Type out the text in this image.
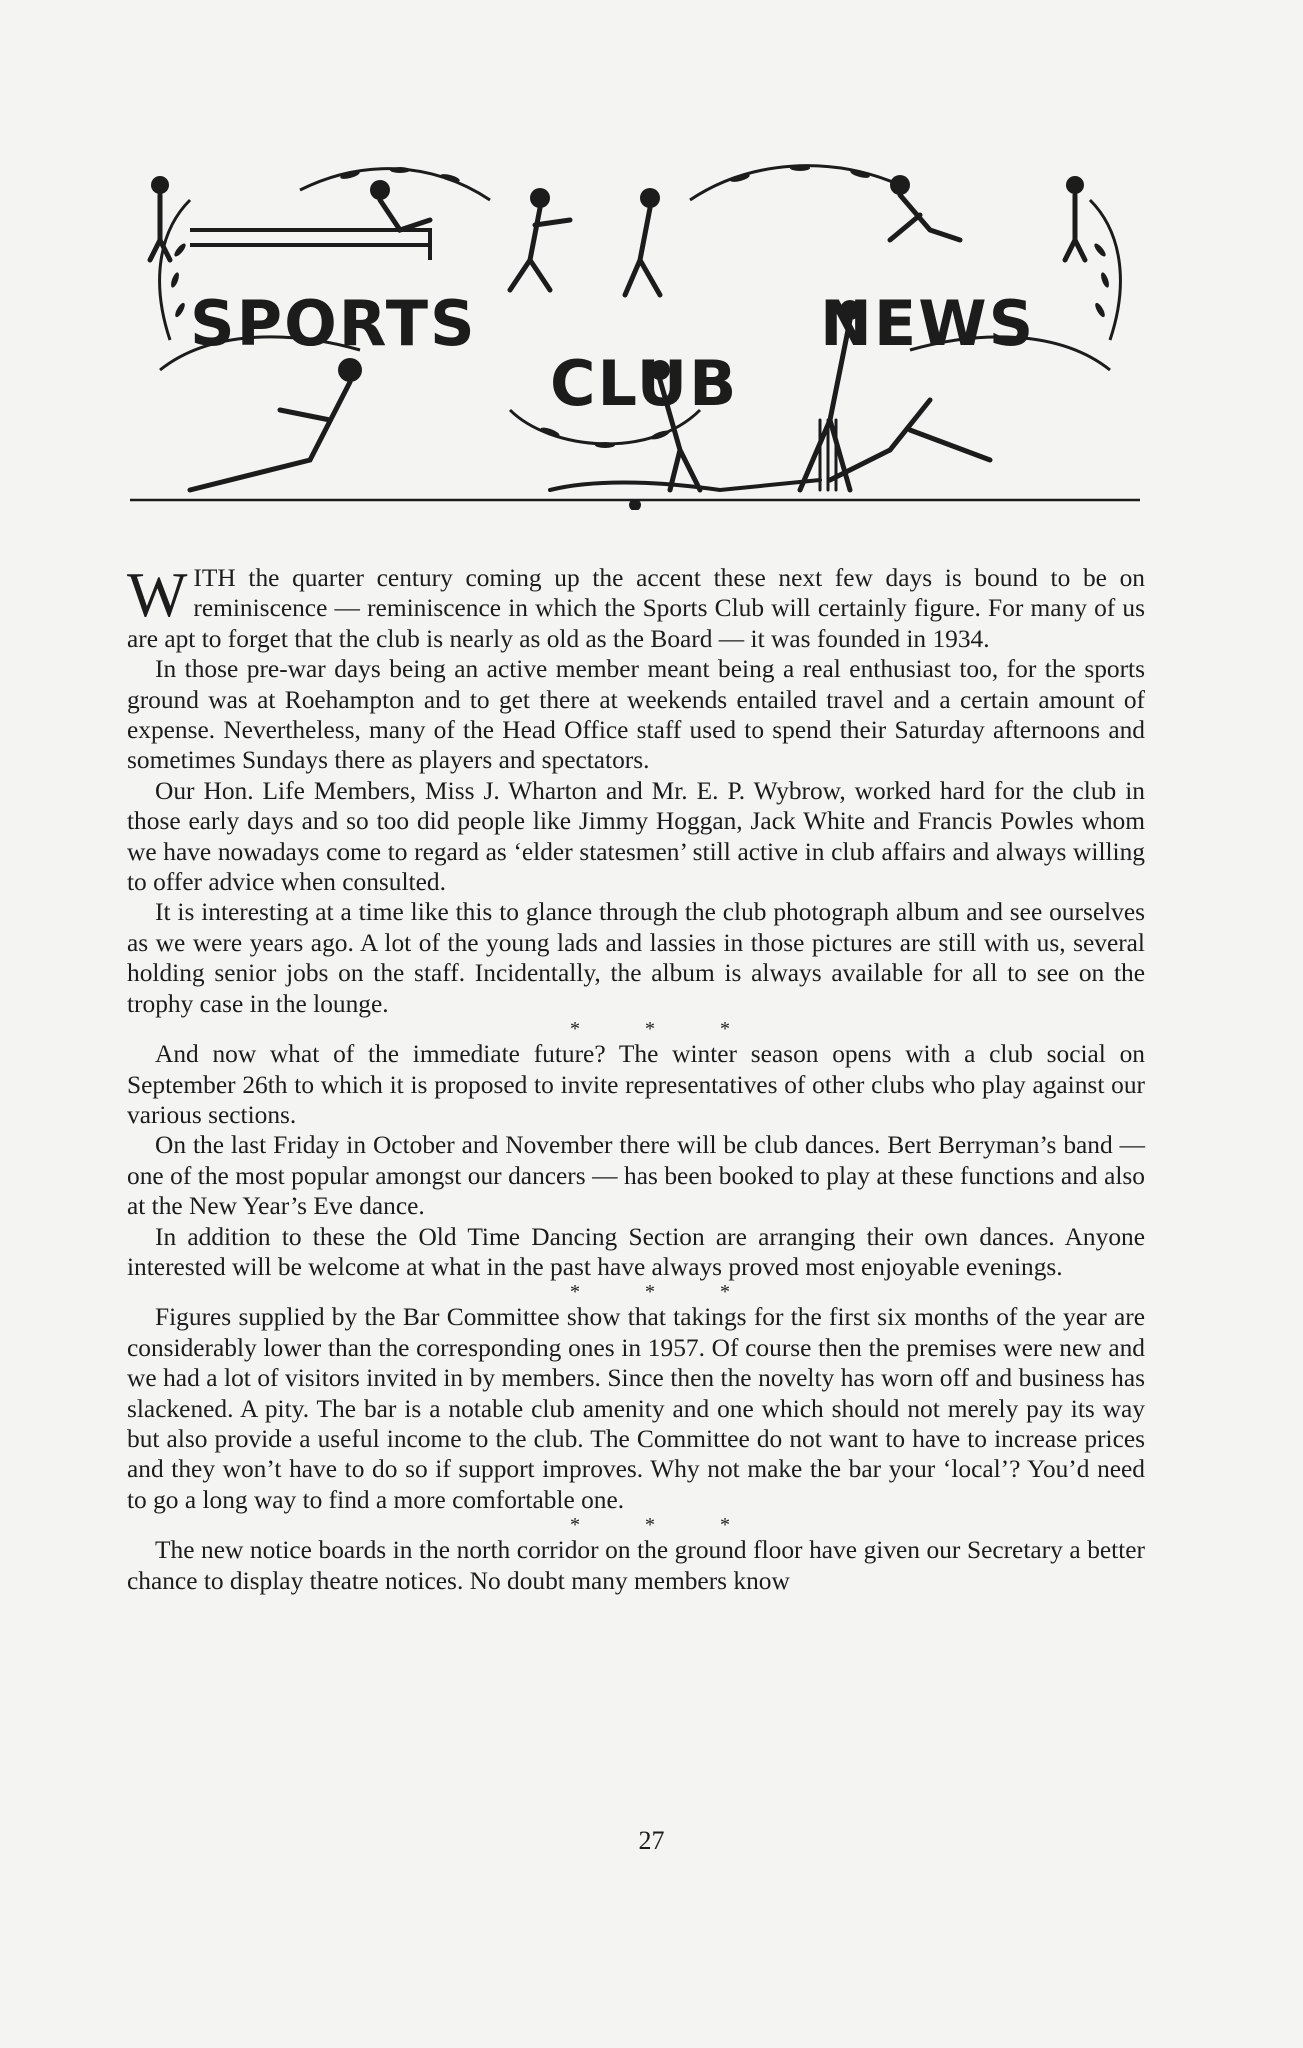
SPORTS
CLUB
NEWS

WITH the quarter century coming up the accent these next few days is bound to be on reminiscence — reminiscence in which the Sports Club will certainly figure. For many of us are apt to forget that the club is nearly as old as the Board — it was founded in 1934.

In those pre-war days being an active member meant being a real enthusiast too, for the sports ground was at Roehampton and to get there at weekends entailed travel and a certain amount of expense. Nevertheless, many of the Head Office staff used to spend their Saturday afternoons and sometimes Sundays there as players and spectators.

Our Hon. Life Members, Miss J. Wharton and Mr. E. P. Wybrow, worked hard for the club in those early days and so too did people like Jimmy Hoggan, Jack White and Francis Powles whom we have nowadays come to regard as ‘elder statesmen’ still active in club affairs and always willing to offer advice when consulted.

It is interesting at a time like this to glance through the club photograph album and see ourselves as we were years ago. A lot of the young lads and lassies in those pictures are still with us, several holding senior jobs on the staff. Incidentally, the album is always available for all to see on the trophy case in the lounge.

* * *

And now what of the immediate future? The winter season opens with a club social on September 26th to which it is proposed to invite representatives of other clubs who play against our various sections.

On the last Friday in October and November there will be club dances. Bert Berryman’s band — one of the most popular amongst our dancers — has been booked to play at these functions and also at the New Year’s Eve dance.

In addition to these the Old Time Dancing Section are arranging their own dances. Anyone interested will be welcome at what in the past have always proved most enjoyable evenings.

* * *

Figures supplied by the Bar Committee show that takings for the first six months of the year are considerably lower than the corresponding ones in 1957. Of course then the premises were new and we had a lot of visitors invited in by members. Since then the novelty has worn off and business has slackened. A pity. The bar is a notable club amenity and one which should not merely pay its way but also provide a useful income to the club. The Committee do not want to have to increase prices and they won’t have to do so if support improves. Why not make the bar your ‘local’? You’d need to go a long way to find a more comfortable one.

* * *

The new notice boards in the north corridor on the ground floor have given our Secretary a better chance to display theatre notices. No doubt many members know

27
